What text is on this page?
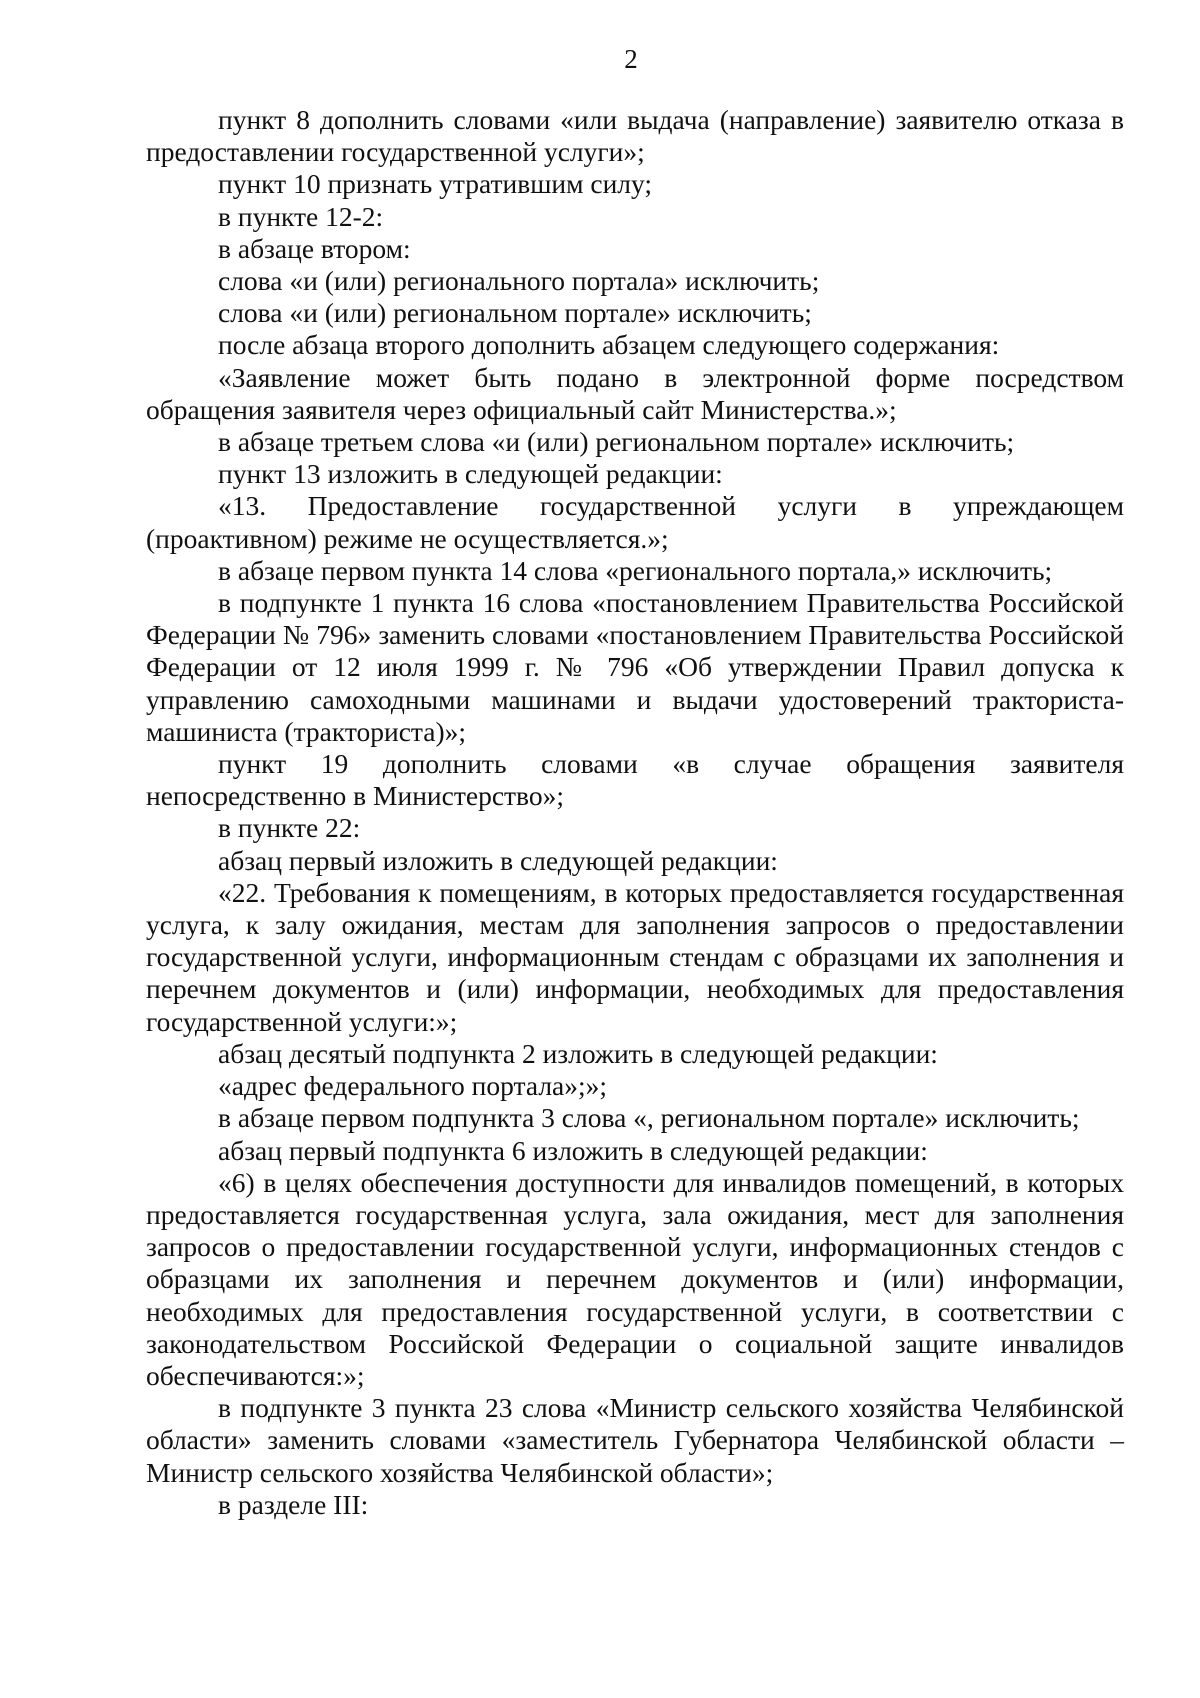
2

пункт 8 дополнить словами «или выдача (направление) заявителю отказа в предоставлении государственной услуги»;

пункт 10 признать утратившим силу;

в пункте 12-2:

в абзаце втором:

слова «и (или) регионального портала» исключить;

слова «и (или) региональном портале» исключить;

после абзаца второго дополнить абзацем следующего содержания:

«Заявление может быть подано в электронной форме посредством обращения заявителя через официальный сайт Министерства.»;

в абзаце третьем слова «и (или) региональном портале» исключить;

пункт 13 изложить в следующей редакции:

«13. Предоставление государственной услуги в упреждающем (проактивном) режиме не осуществляется.»;

в абзаце первом пункта 14 слова «регионального портала,» исключить;

в подпункте 1 пункта 16 слова «постановлением Правительства Российской Федерации № 796» заменить словами «постановлением Правительства Российской Федерации от 12 июля 1999 г. № 796 «Об утверждении Правил допуска к управлению самоходными машинами и выдачи удостоверений тракториста-машиниста (тракториста)»;

пункт 19 дополнить словами «в случае обращения заявителя непосредственно в Министерство»;

в пункте 22:

абзац первый изложить в следующей редакции:

«22. Требования к помещениям, в которых предоставляется государственная услуга, к залу ожидания, местам для заполнения запросов о предоставлении государственной услуги, информационным стендам с образцами их заполнения и перечнем документов и (или) информации, необходимых для предоставления государственной услуги:»;

абзац десятый подпункта 2 изложить в следующей редакции:

«адрес федерального портала»;»;

в абзаце первом подпункта 3 слова «, региональном портале» исключить;

абзац первый подпункта 6 изложить в следующей редакции:

«6) в целях обеспечения доступности для инвалидов помещений, в которых предоставляется государственная услуга, зала ожидания, мест для заполнения запросов о предоставлении государственной услуги, информационных стендов с образцами их заполнения и перечнем документов и (или) информации, необходимых для предоставления государственной услуги, в соответствии с законодательством Российской Федерации о социальной защите инвалидов обеспечиваются:»;

в подпункте 3 пункта 23 слова «Министр сельского хозяйства Челябинской области» заменить словами «заместитель Губернатора Челябинской области – Министр сельского хозяйства Челябинской области»;

в разделе III:
